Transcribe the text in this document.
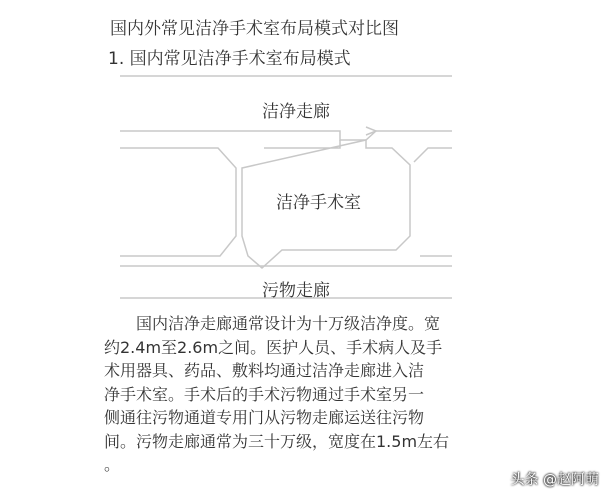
国内外常见洁净手术室布局模式对比图
1. 国内常见洁净手术室布局模式
洁净走廊
洁净手术室
污物走廊
　　国内洁净走廊通常设计为十万级洁净度。宽
约2.4m至2.6m之间。医护人员、手术病人及手
术用器具、药品、敷料均通过洁净走廊进入洁
净手术室。手术后的手术污物通过手术室另一
侧通往污物通道专用门从污物走廊运送往污物
间。污物走廊通常为三十万级，宽度在1.5m左右
。
头条 @赵阿萌
